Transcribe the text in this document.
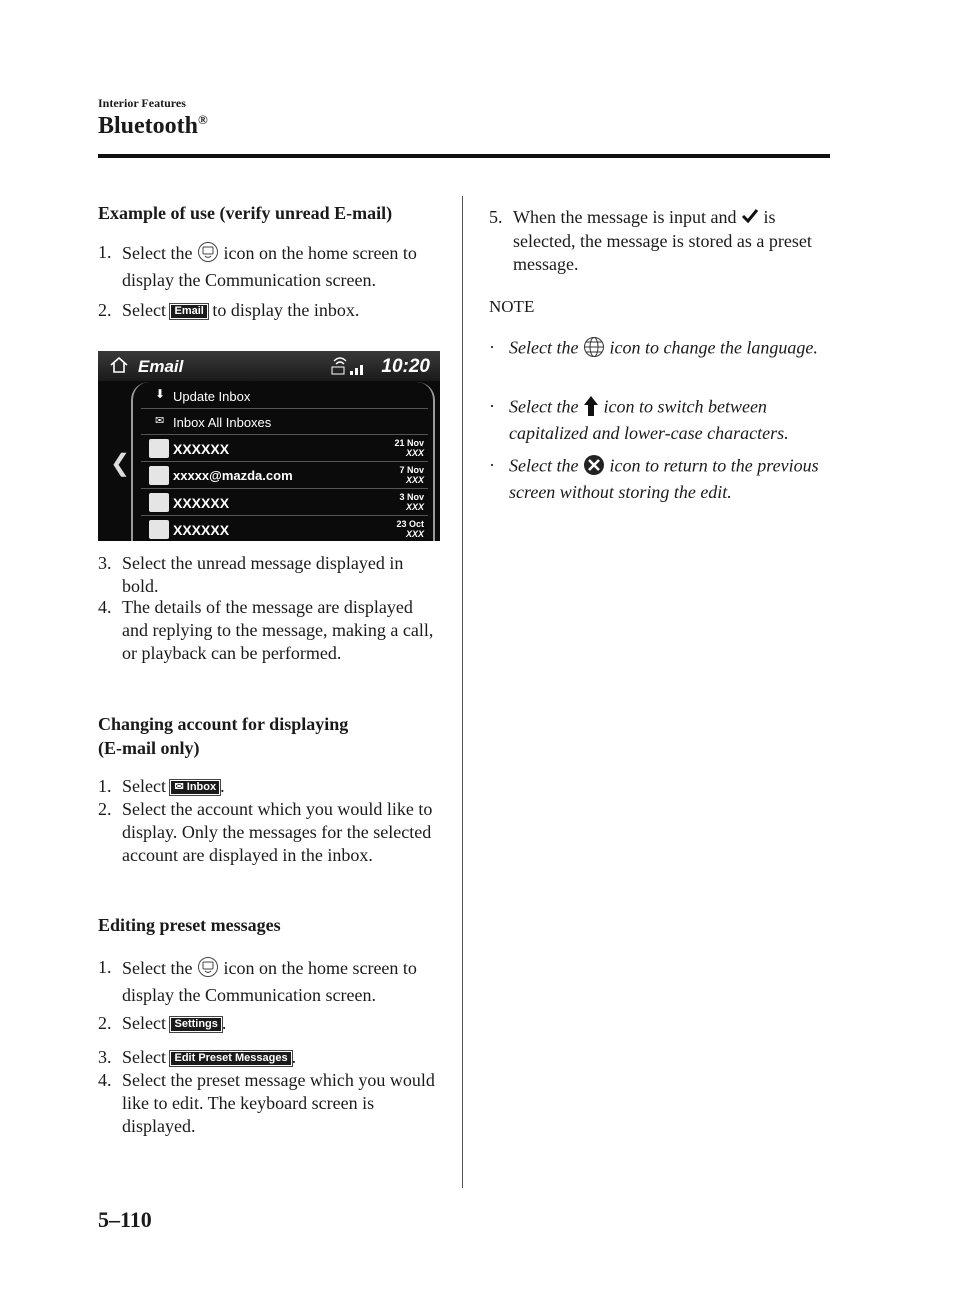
Interior Features
Bluetooth®
Example of use (verify unread E-mail)
1. Select the icon on the home screen to display the Communication screen.
2. Select Email to display the inbox.
Email	10:20
❮
⬇ Update Inbox
✉ Inbox All Inboxes
XXXXXX	21 Nov
XXX
xxxxx@mazda.com	7 Nov
XXX
XXXXXX	3 Nov
XXX
XXXXXX	23 Oct
XXX
3. Select the unread message displayed in bold.
4. The details of the message are displayed and replying to the message, making a call, or playback can be performed.
Changing account for displaying
(E-mail only)
1. Select ✉ Inbox .
2. Select the account which you would like to display. Only the messages for the selected account are displayed in the inbox.
Editing preset messages
1. Select the icon on the home screen to display the Communication screen.
2. Select Settings .
3. Select Edit Preset Messages .
4. Select the preset message which you would like to edit. The keyboard screen is displayed.
5. When the message is input and is selected, the message is stored as a preset message.
NOTE
· Select the icon to change the language.
· Select the icon to switch between capitalized and lower-case characters.
· Select the icon to return to the previous screen without storing the edit.
5–110
